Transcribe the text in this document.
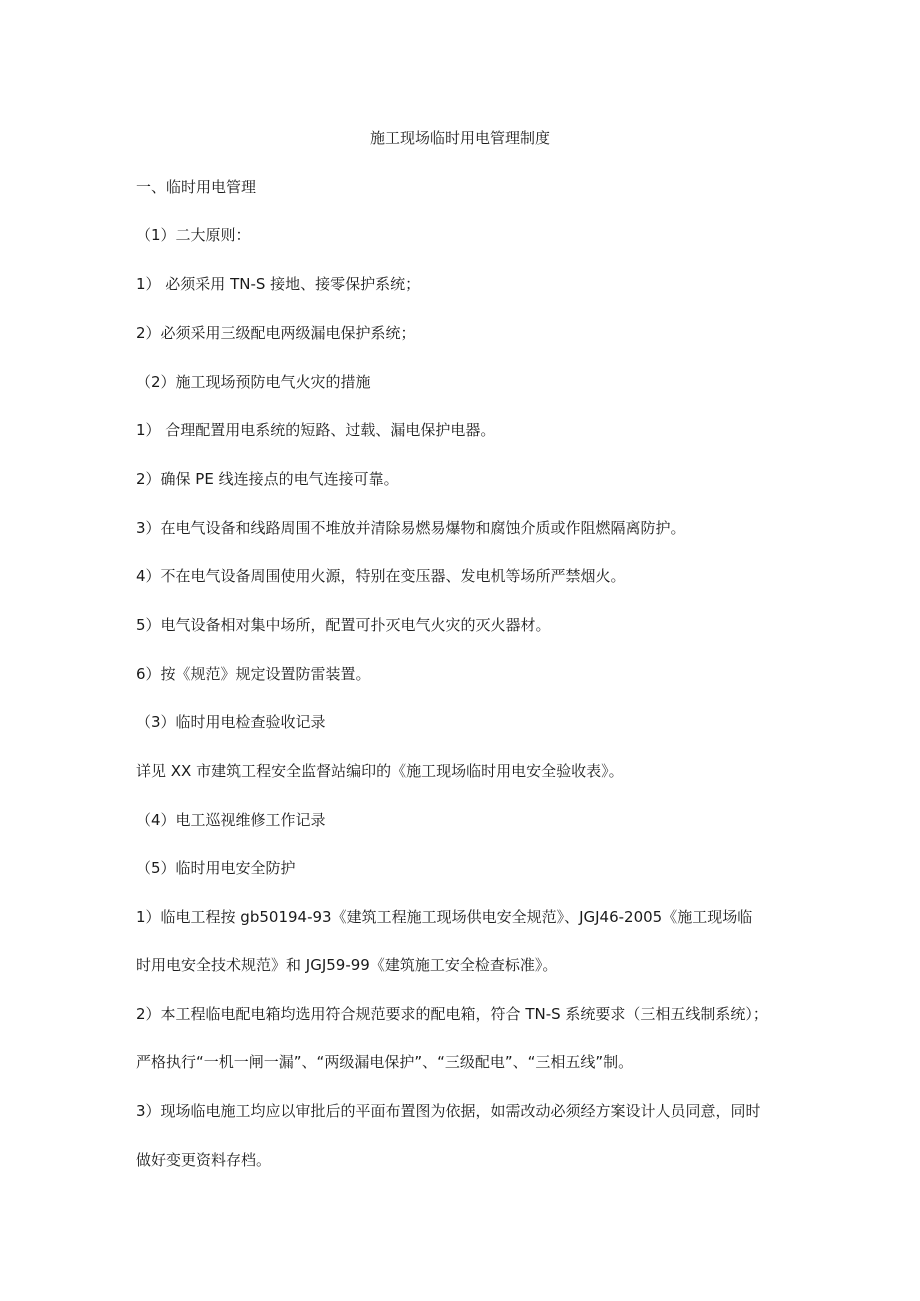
施工现场临时用电管理制度
一、临时用电管理
（1）二大原则：
1） 必须采用 TN-S 接地、接零保护系统；
2）必须采用三级配电两级漏电保护系统；
（2）施工现场预防电气火灾的措施
1） 合理配置用电系统的短路、过载、漏电保护电器。
2）确保 PE 线连接点的电气连接可靠。
3）在电气设备和线路周围不堆放并清除易燃易爆物和腐蚀介质或作阻燃隔离防护。
4）不在电气设备周围使用火源，特别在变压器、发电机等场所严禁烟火。
5）电气设备相对集中场所，配置可扑灭电气火灾的灭火器材。
6）按《规范》规定设置防雷装置。
（3）临时用电检查验收记录
详见 XX 市建筑工程安全监督站编印的《施工现场临时用电安全验收表》。
（4）电工巡视维修工作记录
（5）临时用电安全防护
1）临电工程按 gb50194-93《建筑工程施工现场供电安全规范》、JGJ46-2005《施工现场临
时用电安全技术规范》和 JGJ59-99《建筑施工安全检查标准》。
2）本工程临电配电箱均选用符合规范要求的配电箱，符合 TN-S 系统要求（三相五线制系统）；
严格执行“一机一闸一漏”、“两级漏电保护”、“三级配电”、“三相五线”制。
3）现场临电施工均应以审批后的平面布置图为依据，如需改动必须经方案设计人员同意，同时
做好变更资料存档。
